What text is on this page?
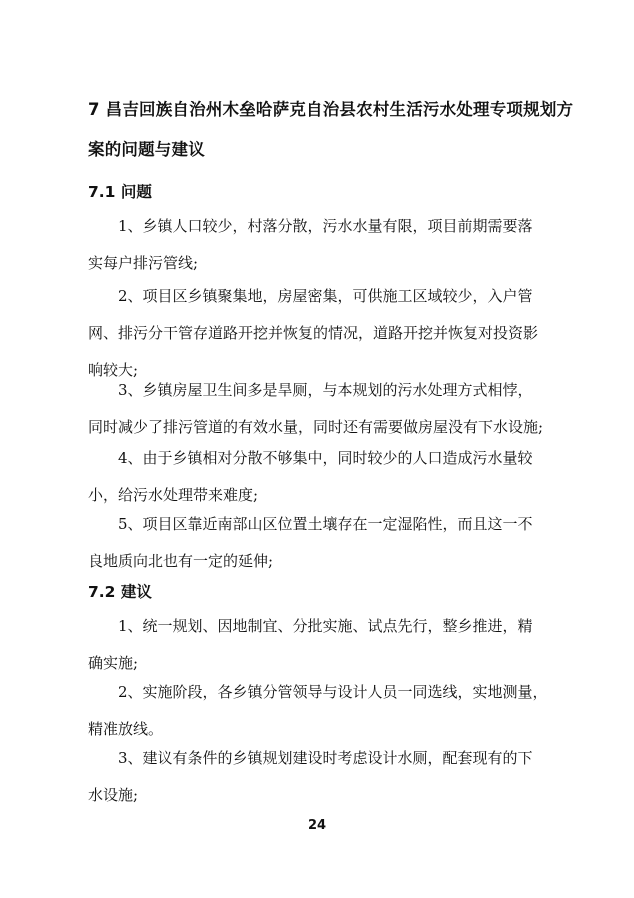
7 昌吉回族自治州木垒哈萨克自治县农村生活污水处理专项规划方
案的问题与建议
7.1 问题
1、乡镇人口较少，村落分散，污水水量有限，项目前期需要落
实每户排污管线;
2、项目区乡镇聚集地，房屋密集，可供施工区域较少，入户管
网、排污分干管存道路开挖并恢复的情况，道路开挖并恢复对投资影
响较大;
3、乡镇房屋卫生间多是旱厕，与本规划的污水处理方式相悖，
同时减少了排污管道的有效水量，同时还有需要做房屋没有下水设施;
4、由于乡镇相对分散不够集中，同时较少的人口造成污水量较
小，给污水处理带来难度;
5、项目区靠近南部山区位置土壤存在一定湿陷性，而且这一不
良地质向北也有一定的延伸;
7.2 建议
1、统一规划、因地制宜、分批实施、试点先行，整乡推进，精
确实施;
2、实施阶段，各乡镇分管领导与设计人员一同选线，实地测量，
精准放线。
3、建议有条件的乡镇规划建设时考虑设计水厕，配套现有的下
水设施;
24
